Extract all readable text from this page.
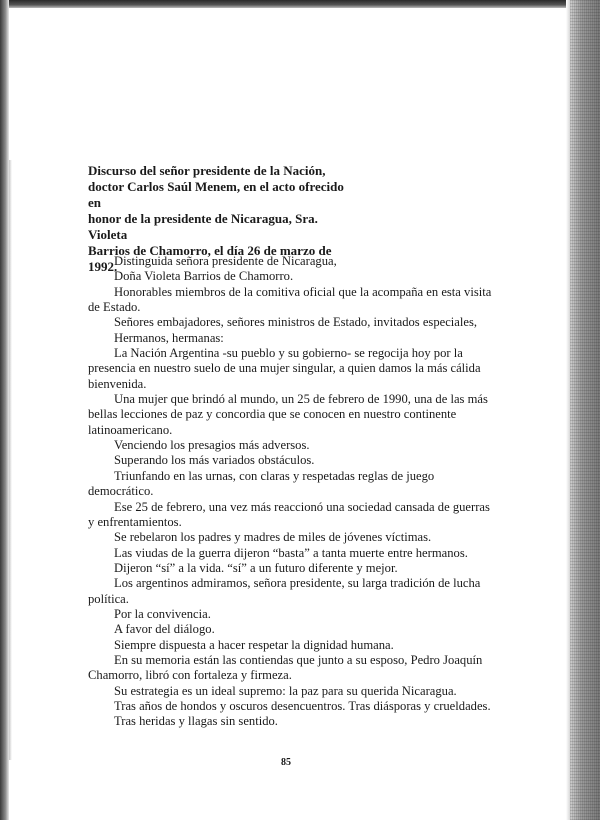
Discurso del señor presidente de la Nación,
doctor Carlos Saúl Menem, en el acto ofrecido en
honor de la presidente de Nicaragua, Sra. Violeta
Barrios de Chamorro, el día 26 de marzo de
1992.

Distinguida señora presidente de Nicaragua,

Doña Violeta Barrios de Chamorro.

Honorables miembros de la comitiva oficial que la acompaña en esta visita de Estado.

Señores embajadores, señores ministros de Estado, invitados especiales,

Hermanos, hermanas:

La Nación Argentina -su pueblo y su gobierno- se regocija hoy por la presencia en nuestro suelo de una mujer singular, a quien damos la más cálida bienvenida.

Una mujer que brindó al mundo, un 25 de febrero de 1990, una de las más bellas lecciones de paz y concordia que se conocen en nuestro continente latinoamericano.

Venciendo los presagios más adversos.

Superando los más variados obstáculos.

Triunfando en las urnas, con claras y respetadas reglas de juego democrático.

Ese 25 de febrero, una vez más reaccionó una sociedad cansada de guerras y enfrentamientos.

Se rebelaron los padres y madres de miles de jóvenes víctimas.

Las viudas de la guerra dijeron “basta” a tanta muerte entre hermanos.

Dijeron “sí” a la vida. “sí” a un futuro diferente y mejor.

Los argentinos admiramos, señora presidente, su larga tradición de lucha política.

Por la convivencia.

A favor del diálogo.

Siempre dispuesta a hacer respetar la dignidad humana.

En su memoria están las contiendas que junto a su esposo, Pedro Joaquín Chamorro, libró con fortaleza y firmeza.

Su estrategia es un ideal supremo: la paz para su querida Nicaragua.

Tras años de hondos y oscuros desencuentros. Tras diásporas y crueldades.

Tras heridas y llagas sin sentido.

85
